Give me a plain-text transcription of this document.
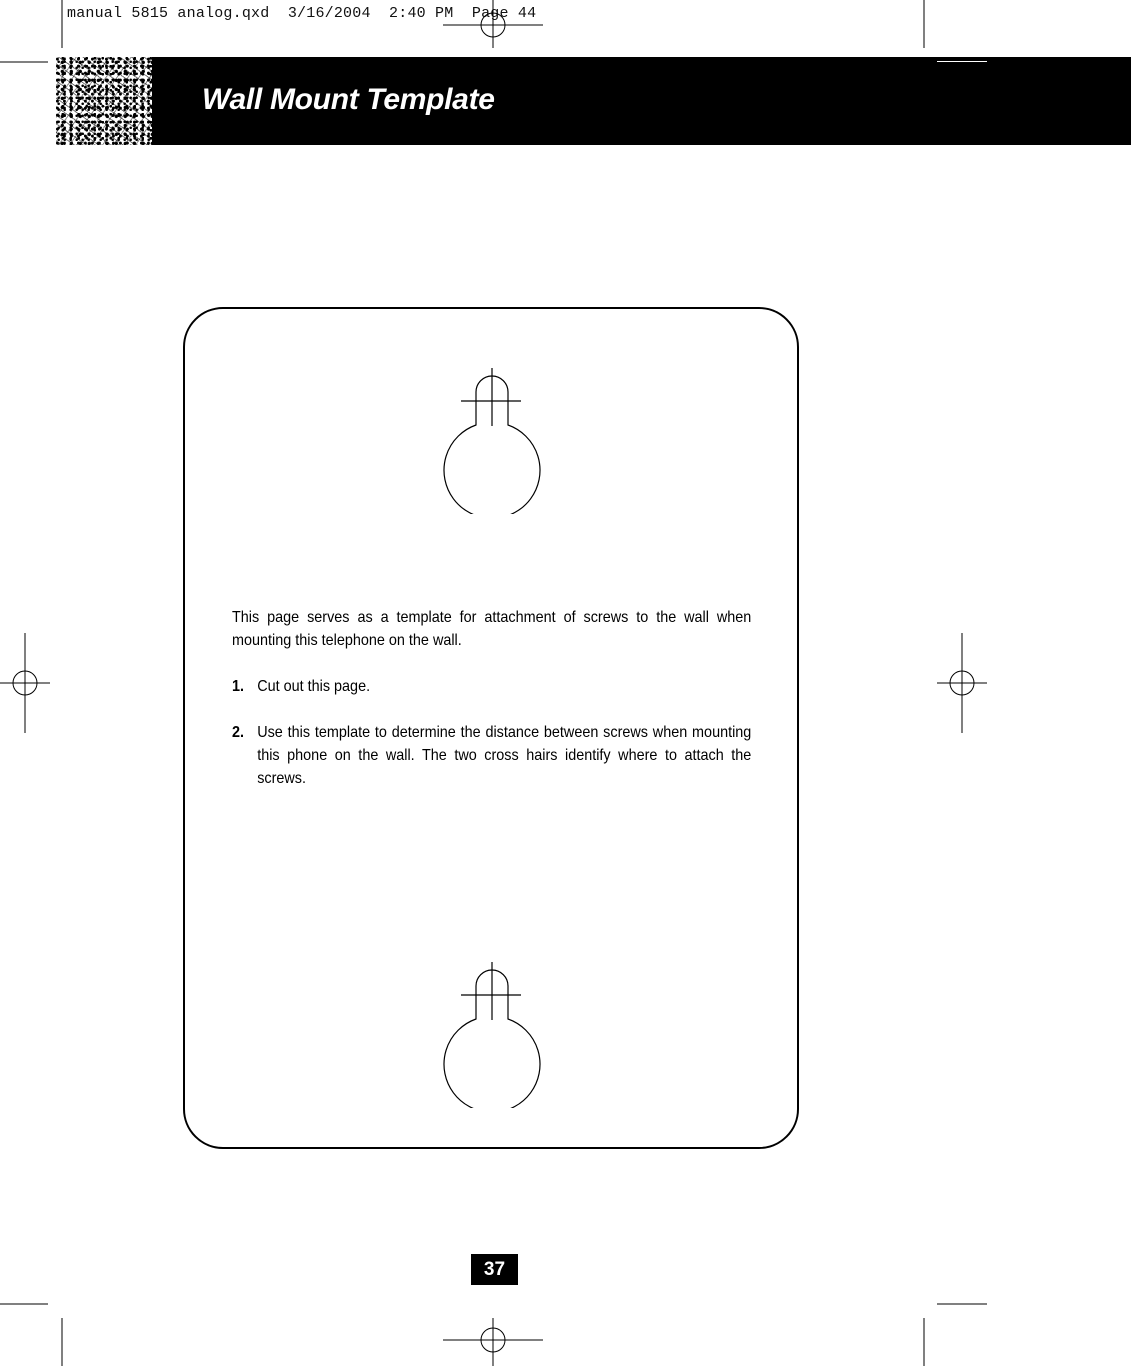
manual 5815 analog.qxd  3/16/2004  2:40 PM  Page 44
Wall Mount Template

This page serves as a template for attachment of screws to the wall when mounting this telephone on the wall.

1. Cut out this page.
2. Use this template to determine the distance between screws when mounting this phone on the wall. The two cross hairs identify where to attach the screws.
37
